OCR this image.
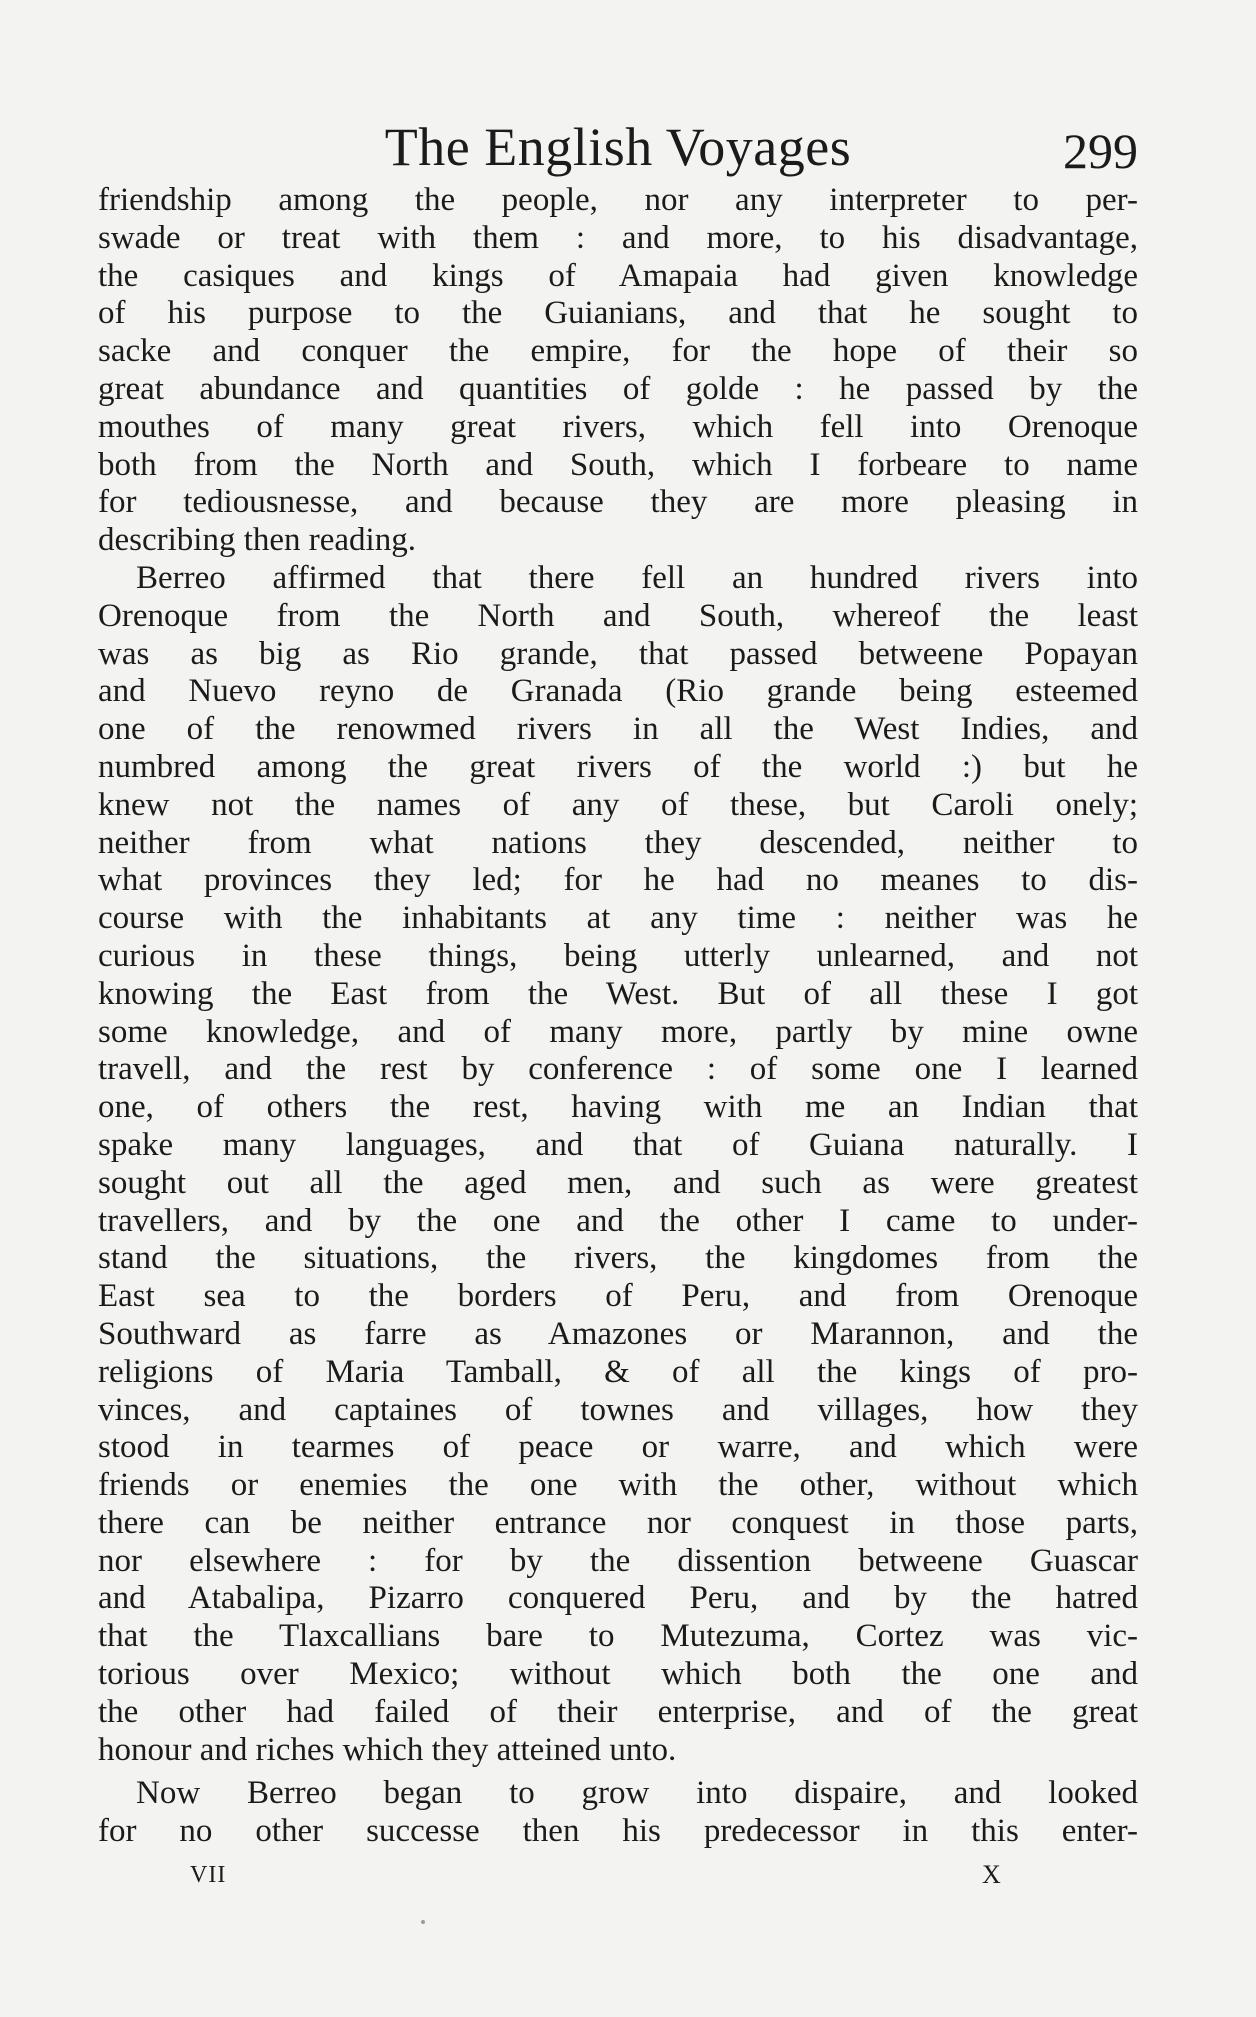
The English Voyages	299
friendship among the people, nor any interpreter to per-
swade or treat with them : and more, to his disadvantage,
the casiques and kings of Amapaia had given knowledge
of his purpose to the Guianians, and that he sought to
sacke and conquer the empire, for the hope of their so
great abundance and quantities of golde : he passed by the
mouthes of many great rivers, which fell into Orenoque
both from the North and South, which I forbeare to name
for tediousnesse, and because they are more pleasing in
describing then reading.
Berreo affirmed that there fell an hundred rivers into
Orenoque from the North and South, whereof the least
was as big as Rio grande, that passed betweene Popayan
and Nuevo reyno de Granada (Rio grande being esteemed
one of the renowmed rivers in all the West Indies, and
numbred among the great rivers of the world :) but he
knew not the names of any of these, but Caroli onely;
neither from what nations they descended, neither to
what provinces they led; for he had no meanes to dis-
course with the inhabitants at any time : neither was he
curious in these things, being utterly unlearned, and not
knowing the East from the West. But of all these I got
some knowledge, and of many more, partly by mine owne
travell, and the rest by conference : of some one I learned
one, of others the rest, having with me an Indian that
spake many languages, and that of Guiana naturally. I
sought out all the aged men, and such as were greatest
travellers, and by the one and the other I came to under-
stand the situations, the rivers, the kingdomes from the
East sea to the borders of Peru, and from Orenoque
Southward as farre as Amazones or Marannon, and the
religions of Maria Tamball, & of all the kings of pro-
vinces, and captaines of townes and villages, how they
stood in tearmes of peace or warre, and which were
friends or enemies the one with the other, without which
there can be neither entrance nor conquest in those parts,
nor elsewhere : for by the dissention betweene Guascar
and Atabalipa, Pizarro conquered Peru, and by the hatred
that the Tlaxcallians bare to Mutezuma, Cortez was vic-
torious over Mexico; without which both the one and
the other had failed of their enterprise, and of the great
honour and riches which they atteined unto.
Now Berreo began to grow into dispaire, and looked
for no other successe then his predecessor in this enter-
VII	X
